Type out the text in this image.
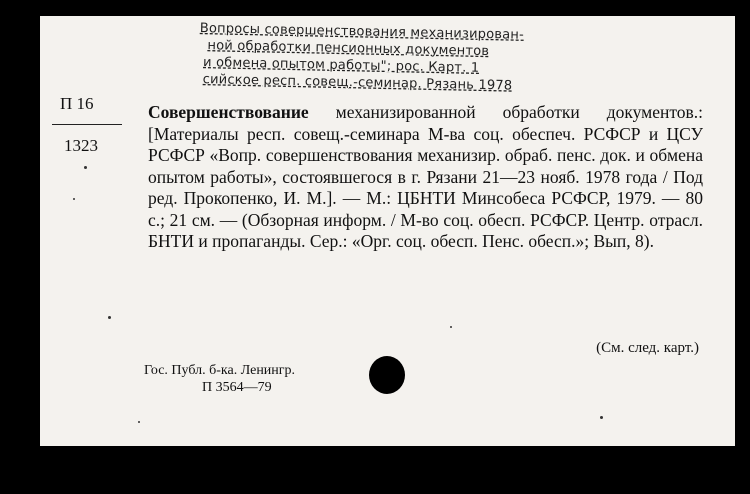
Вопросы совершенствования механизирован-
ной обработки пенсионных документов
и обмена опытом работы"; рос. Карт. 1
сийское респ. совещ.-семинар. Рязань 1978
П 16
1323
Совершенствование механизированной обработки документов.: [Материалы респ. совещ.-семинара М-ва соц. обеспеч. РСФСР и ЦСУ РСФСР «Вопр. совершенствования механизир. обраб. пенс. док. и обмена опытом работы», состоявшегося в г. Рязани 21—23 нояб. 1978 года / Под ред. Прокопенко, И. М.]. — М.: ЦБНТИ Минсобеса РСФСР, 1979. — 80 с.; 21 см. — (Обзорная информ. / М-во соц. обесп. РСФСР. Центр. отрасл. БНТИ и пропаганды. Сер.: «Орг. соц. обесп. Пенс. обесп.»; Вып, 8).
(См. след. карт.)
Гос. Публ. б-ка. Ленингр.
П 3564—79
